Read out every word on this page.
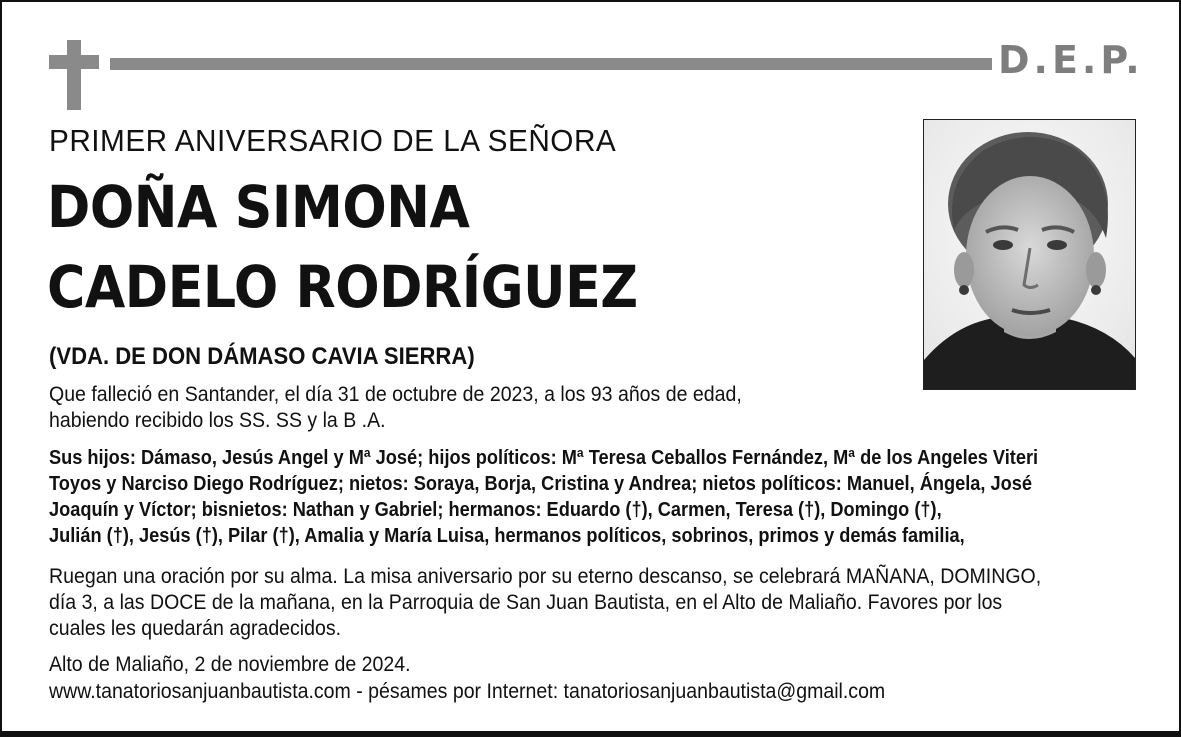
D.E.P.
PRIMER ANIVERSARIO DE LA SEÑORA
DOÑA SIMONA
CADELO RODRÍGUEZ
(VDA. DE DON DÁMASO CAVIA SIERRA)
Que falleció en Santander, el día 31 de octubre de 2023, a los 93 años de edad,
habiendo recibido los SS. SS y la B .A.
Sus hijos: Dámaso, Jesús Angel y Mª José; hijos políticos: Mª Teresa Ceballos Fernández, Mª de los Angeles Viteri
Toyos y Narciso Diego Rodríguez; nietos: Soraya, Borja, Cristina y Andrea; nietos políticos: Manuel, Ángela, José
Joaquín y Víctor; bisnietos: Nathan y Gabriel; hermanos: Eduardo (†), Carmen, Teresa (†), Domingo (†),
Julián (†), Jesús (†), Pilar (†), Amalia y María Luisa, hermanos políticos, sobrinos, primos y demás familia,
Ruegan una oración por su alma. La misa aniversario por su eterno descanso, se celebrará MAÑANA, DOMINGO,
día 3, a las DOCE de la mañana, en la Parroquia de San Juan Bautista, en el Alto de Maliaño. Favores por los
cuales les quedarán agradecidos.
Alto de Maliaño, 2 de noviembre de 2024.
www.tanatoriosanjuanbautista.com - pésames por Internet: tanatoriosanjuanbautista@gmail.com
